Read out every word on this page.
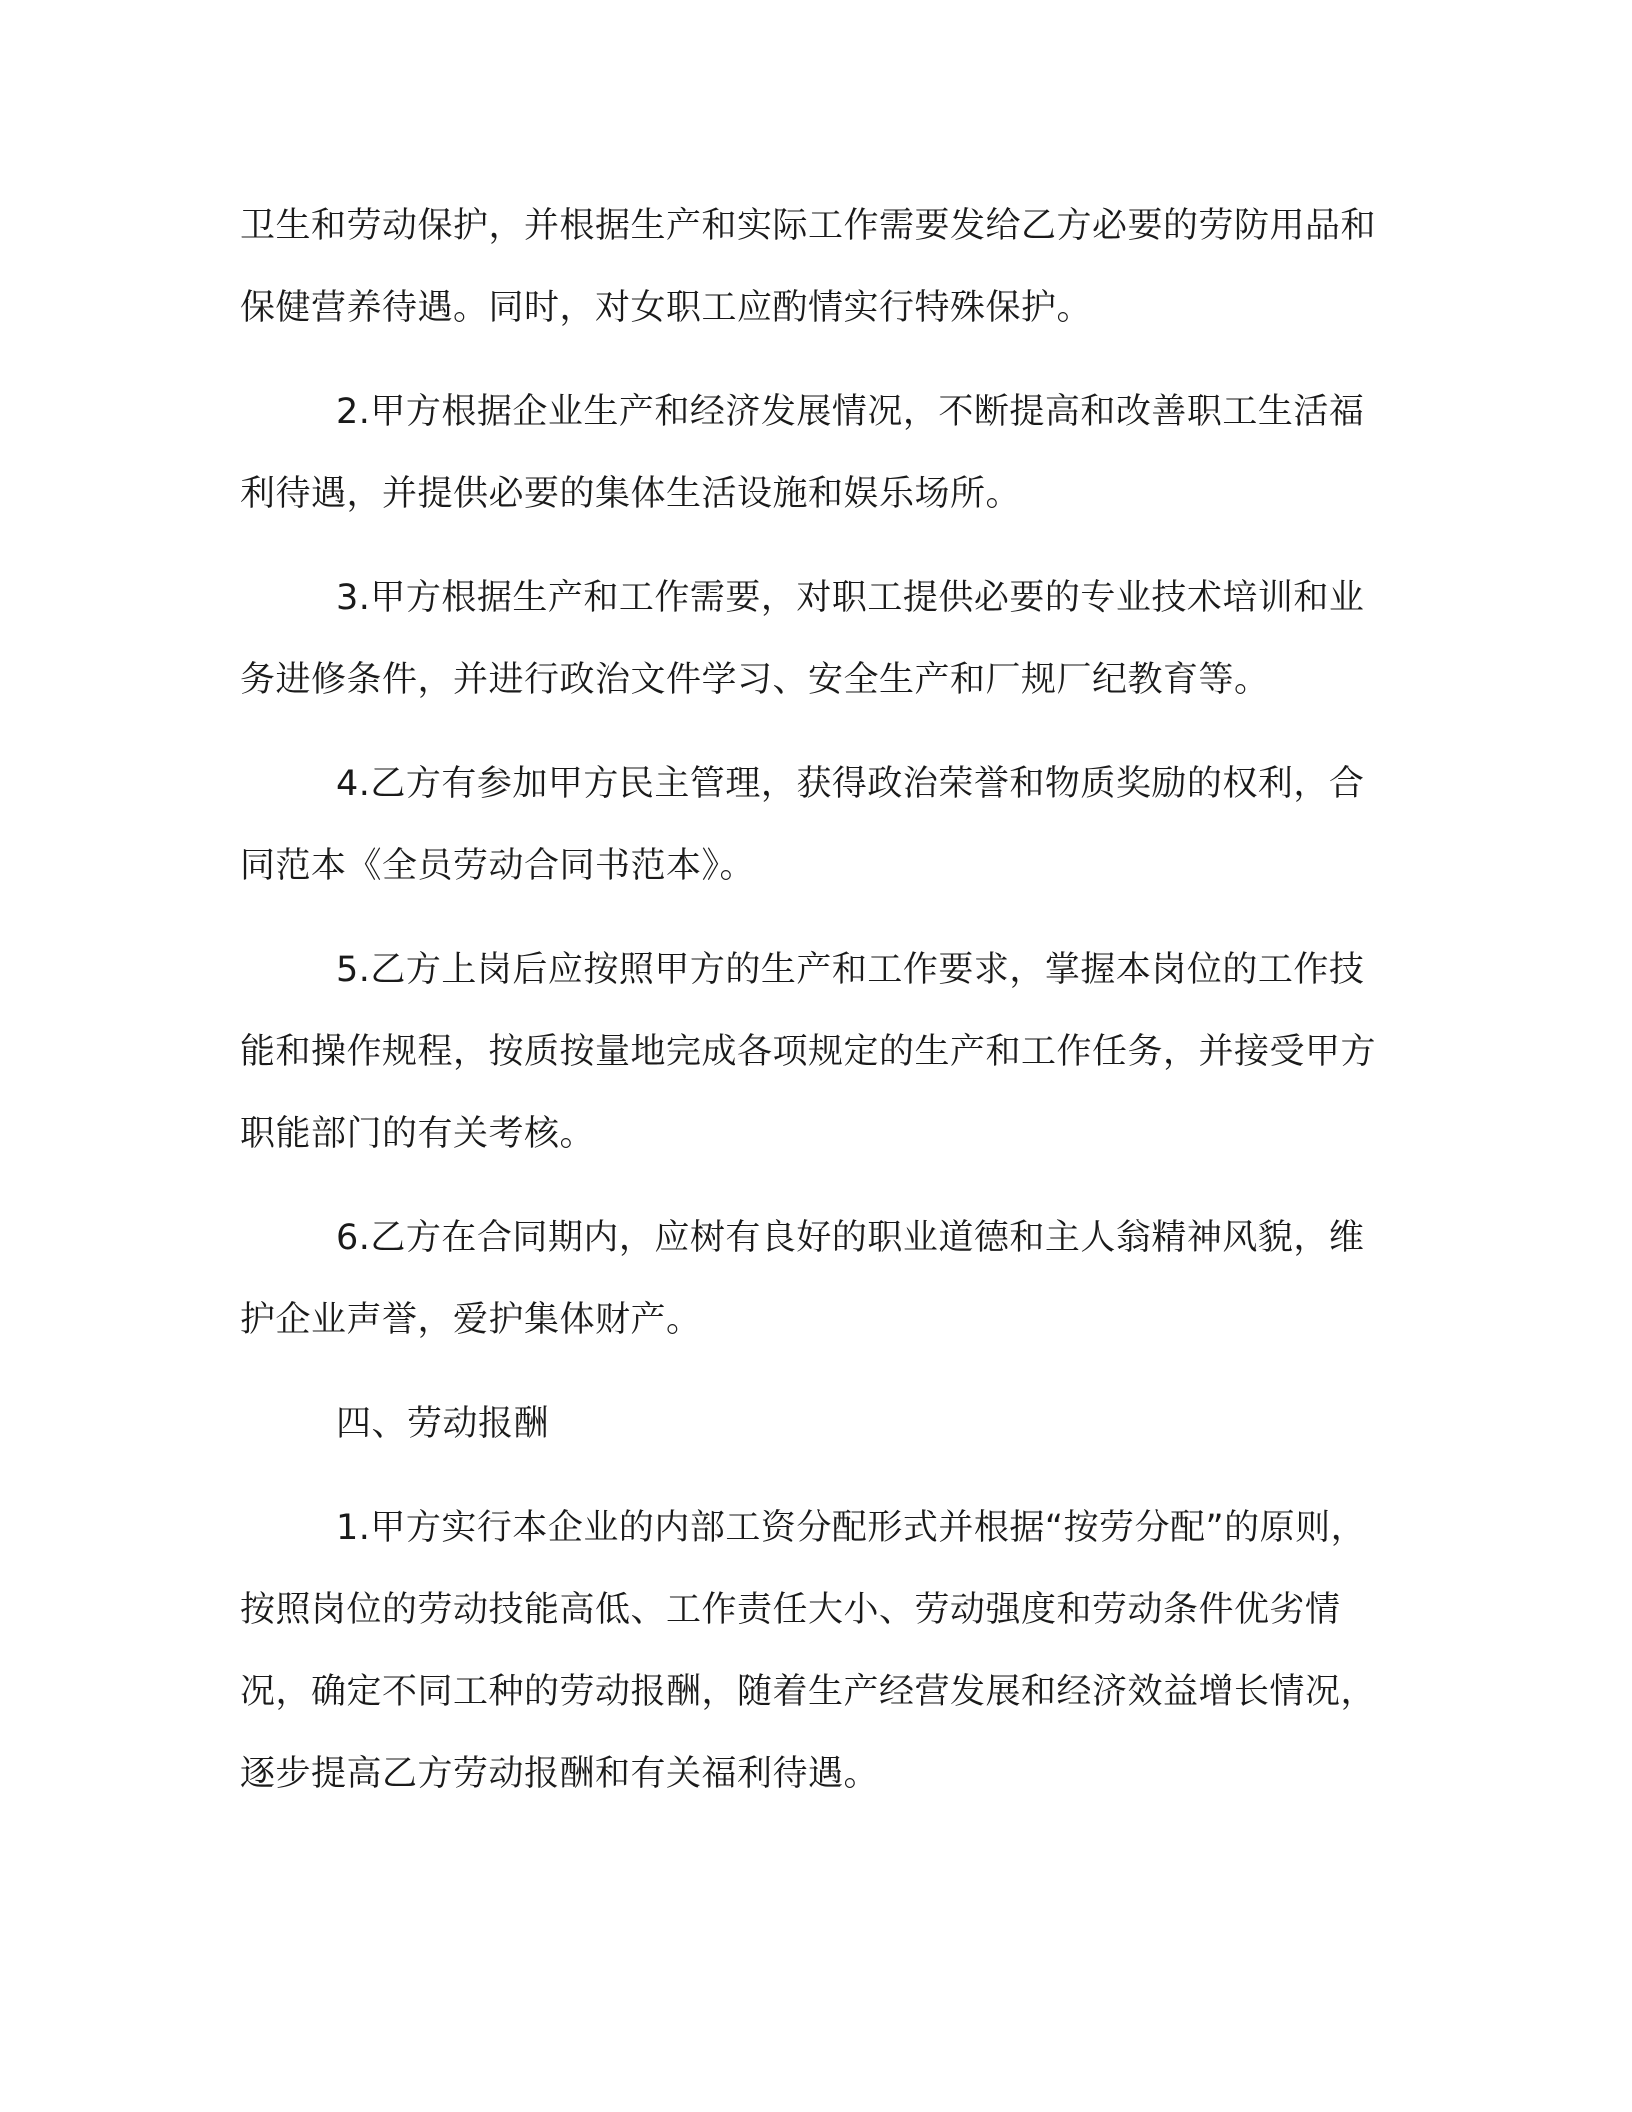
卫生和劳动保护，并根据生产和实际工作需要发给乙方必要的劳防用品和保健营养待遇。同时，对女职工应酌情实行特殊保护。

2.甲方根据企业生产和经济发展情况，不断提高和改善职工生活福利待遇，并提供必要的集体生活设施和娱乐场所。

3.甲方根据生产和工作需要，对职工提供必要的专业技术培训和业务进修条件，并进行政治文件学习、安全生产和厂规厂纪教育等。

4.乙方有参加甲方民主管理，获得政治荣誉和物质奖励的权利，合同范本《全员劳动合同书范本》。

5.乙方上岗后应按照甲方的生产和工作要求，掌握本岗位的工作技能和操作规程，按质按量地完成各项规定的生产和工作任务，并接受甲方职能部门的有关考核。

6.乙方在合同期内，应树有良好的职业道德和主人翁精神风貌，维护企业声誉，爱护集体财产。

四、劳动报酬

1.甲方实行本企业的内部工资分配形式并根据“按劳分配”的原则，按照岗位的劳动技能高低、工作责任大小、劳动强度和劳动条件优劣情况，确定不同工种的劳动报酬，随着生产经营发展和经济效益增长情况，逐步提高乙方劳动报酬和有关福利待遇。
